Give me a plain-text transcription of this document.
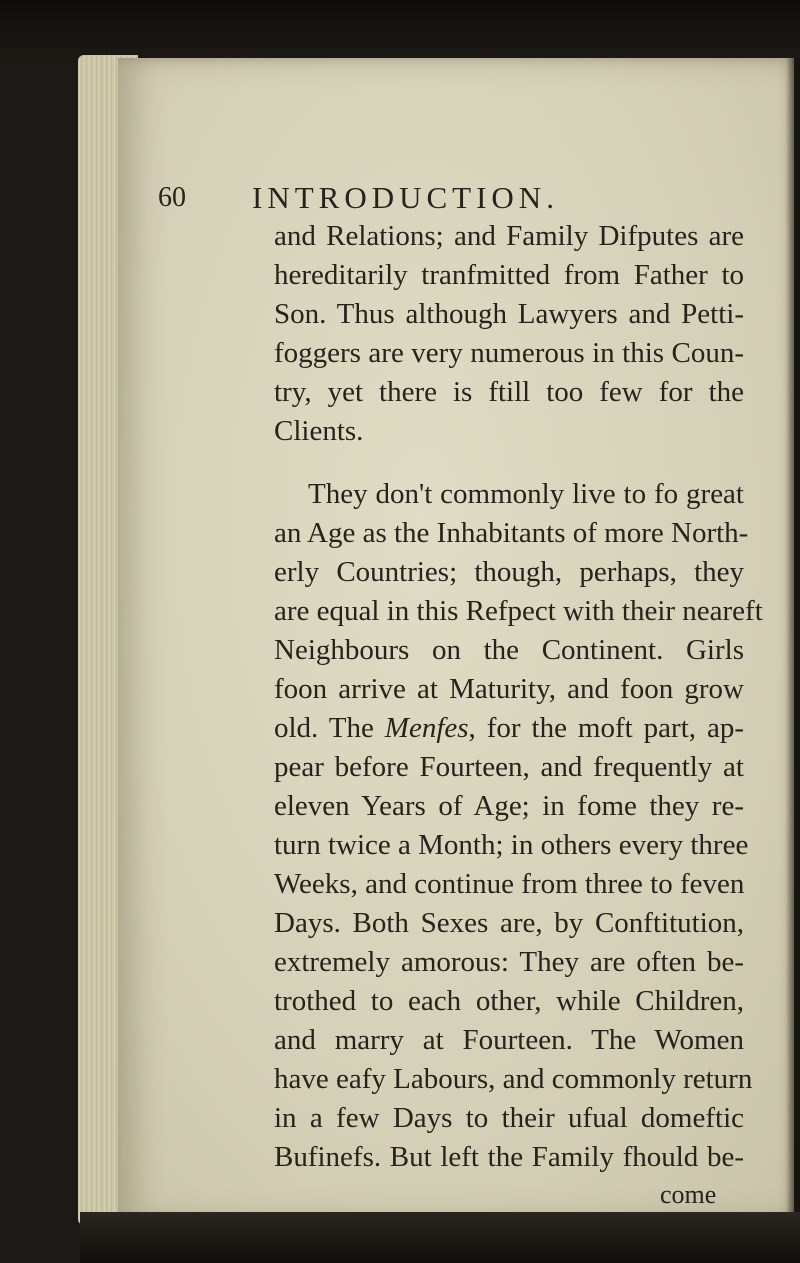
60 INTRODUCTION.
and Relations; and Family Difputes are
hereditarily tranfmitted from Father to
Son. Thus although Lawyers and Petti-
foggers are very numerous in this Coun-
try, yet there is ftill too few for the
Clients.
They don't commonly live to fo great
an Age as the Inhabitants of more North-
erly Countries; though, perhaps, they
are equal in this Refpect with their neareft
Neighbours on the Continent. Girls
foon arrive at Maturity, and foon grow
old. The Menfes, for the moft part, ap-
pear before Fourteen, and frequently at
eleven Years of Age; in fome they re-
turn twice a Month; in others every three
Weeks, and continue from three to feven
Days. Both Sexes are, by Conftitution,
extremely amorous: They are often be-
trothed to each other, while Children,
and marry at Fourteen. The Women
come
have eafy Labours, and commonly return
in a few Days to their ufual domeftic
Bufinefs. But left the Family fhould be-
